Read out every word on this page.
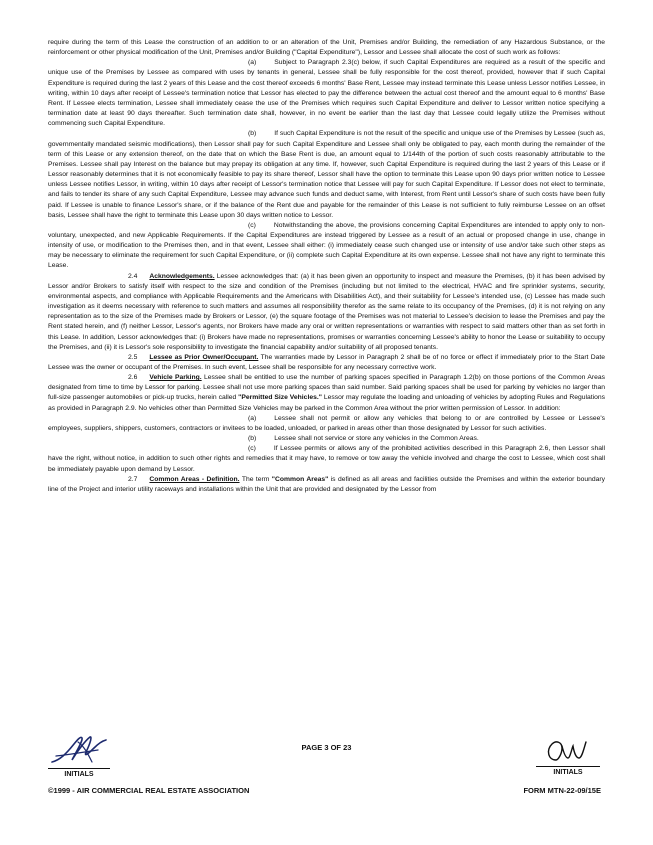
require during the term of this Lease the construction of an addition to or an alteration of the Unit, Premises and/or Building, the remediation of any Hazardous Substance, or the reinforcement or other physical modification of the Unit, Premises and/or Building ("Capital Expenditure"), Lessor and Lessee shall allocate the cost of such work as follows:

(a)	Subject to Paragraph 2.3(c) below, if such Capital Expenditures are required as a result of the specific and unique use of the Premises by Lessee as compared with uses by tenants in general, Lessee shall be fully responsible for the cost thereof, provided, however that if such Capital Expenditure is required during the last 2 years of this Lease and the cost thereof exceeds 6 months' Base Rent, Lessee may instead terminate this Lease unless Lessor notifies Lessee, in writing, within 10 days after receipt of Lessee's termination notice that Lessor has elected to pay the difference between the actual cost thereof and the amount equal to 6 months' Base Rent. If Lessee elects termination, Lessee shall immediately cease the use of the Premises which requires such Capital Expenditure and deliver to Lessor written notice specifying a termination date at least 90 days thereafter. Such termination date shall, however, in no event be earlier than the last day that Lessee could legally utilize the Premises without commencing such Capital Expenditure.

(b)	If such Capital Expenditure is not the result of the specific and unique use of the Premises by Lessee (such as, governmentally mandated seismic modifications), then Lessor shall pay for such Capital Expenditure and Lessee shall only be obligated to pay, each month during the remainder of the term of this Lease or any extension thereof, on the date that on which the Base Rent is due, an amount equal to 1/144th of the portion of such costs reasonably attributable to the Premises. Lessee shall pay Interest on the balance but may prepay its obligation at any time. If, however, such Capital Expenditure is required during the last 2 years of this Lease or if Lessor reasonably determines that it is not economically feasible to pay its share thereof, Lessor shall have the option to terminate this Lease upon 90 days prior written notice to Lessee unless Lessee notifies Lessor, in writing, within 10 days after receipt of Lessor's termination notice that Lessee will pay for such Capital Expenditure. If Lessor does not elect to terminate, and fails to tender its share of any such Capital Expenditure, Lessee may advance such funds and deduct same, with Interest, from Rent until Lessor's share of such costs have been fully paid. If Lessee is unable to finance Lessor's share, or if the balance of the Rent due and payable for the remainder of this Lease is not sufficient to fully reimburse Lessee on an offset basis, Lessee shall have the right to terminate this Lease upon 30 days written notice to Lessor.

(c)	Notwithstanding the above, the provisions concerning Capital Expenditures are intended to apply only to non-voluntary, unexpected, and new Applicable Requirements. If the Capital Expenditures are instead triggered by Lessee as a result of an actual or proposed change in use, change in intensity of use, or modification to the Premises then, and in that event, Lessee shall either: (i) immediately cease such changed use or intensity of use and/or take such other steps as may be necessary to eliminate the requirement for such Capital Expenditure, or (ii) complete such Capital Expenditure at its own expense. Lessee shall not have any right to terminate this Lease.

2.4 Acknowledgements. Lessee acknowledges that: (a) it has been given an opportunity to inspect and measure the Premises, (b) it has been advised by Lessor and/or Brokers to satisfy itself with respect to the size and condition of the Premises (including but not limited to the electrical, HVAC and fire sprinkler systems, security, environmental aspects, and compliance with Applicable Requirements and the Americans with Disabilities Act), and their suitability for Lessee's intended use, (c) Lessee has made such investigation as it deems necessary with reference to such matters and assumes all responsibility therefor as the same relate to its occupancy of the Premises, (d) it is not relying on any representation as to the size of the Premises made by Brokers or Lessor, (e) the square footage of the Premises was not material to Lessee's decision to lease the Premises and pay the Rent stated herein, and (f) neither Lessor, Lessor's agents, nor Brokers have made any oral or written representations or warranties with respect to said matters other than as set forth in this Lease. In addition, Lessor acknowledges that: (i) Brokers have made no representations, promises or warranties concerning Lessee's ability to honor the Lease or suitability to occupy the Premises, and (ii) it is Lessor's sole responsibility to investigate the financial capability and/or suitability of all proposed tenants.

2.5 Lessee as Prior Owner/Occupant. The warranties made by Lessor in Paragraph 2 shall be of no force or effect if immediately prior to the Start Date Lessee was the owner or occupant of the Premises. In such event, Lessee shall be responsible for any necessary corrective work.

2.6 Vehicle Parking. Lessee shall be entitled to use the number of parking spaces specified in Paragraph 1.2(b) on those portions of the Common Areas designated from time to time by Lessor for parking. Lessee shall not use more parking spaces than said number. Said parking spaces shall be used for parking by vehicles no larger than full-size passenger automobiles or pick-up trucks, herein called "Permitted Size Vehicles." Lessor may regulate the loading and unloading of vehicles by adopting Rules and Regulations as provided in Paragraph 2.9. No vehicles other than Permitted Size Vehicles may be parked in the Common Area without the prior written permission of Lessor. In addition:

(a)	Lessee shall not permit or allow any vehicles that belong to or are controlled by Lessee or Lessee's employees, suppliers, shippers, customers, contractors or invitees to be loaded, unloaded, or parked in areas other than those designated by Lessor for such activities.

(b)	Lessee shall not service or store any vehicles in the Common Areas.

(c)	If Lessee permits or allows any of the prohibited activities described in this Paragraph 2.6, then Lessor shall have the right, without notice, in addition to such other rights and remedies that it may have, to remove or tow away the vehicle involved and charge the cost to Lessee, which cost shall be immediately payable upon demand by Lessor.

2.7 Common Areas - Definition. The term "Common Areas" is defined as all areas and facilities outside the Premises and within the exterior boundary line of the Project and interior utility raceways and installations within the Unit that are provided and designated by the Lessor from

INITIALS
PAGE 3 OF 23
INITIALS
©1999 - AIR COMMERCIAL REAL ESTATE ASSOCIATION	FORM MTN-22-09/15E
